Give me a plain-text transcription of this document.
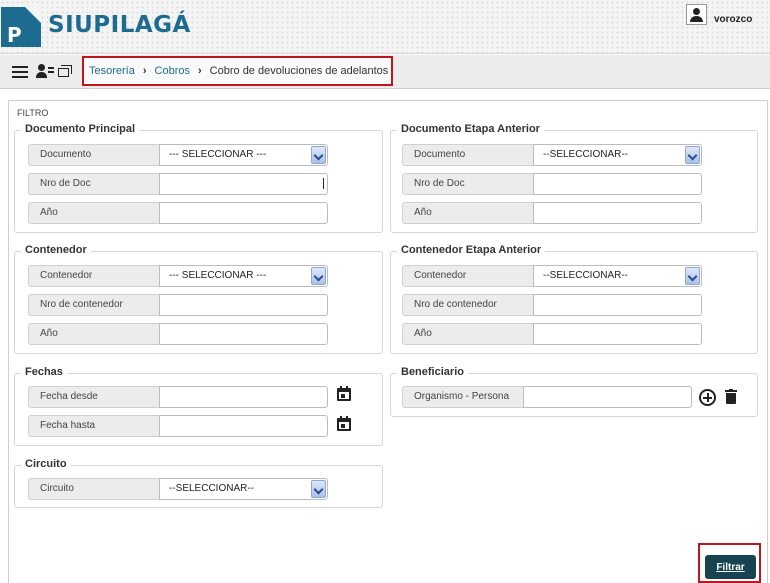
P SIUPILAGÁ	vorozco
Tesorería › Cobros › Cobro de devoluciones de adelantos
FILTRO
Documento Principal
Documento	--- SELECCIONAR ---
Nro de Doc
Año
Documento Etapa Anterior
Documento	--SELECCIONAR--
Nro de Doc
Año
Contenedor
Contenedor	--- SELECCIONAR ---
Nro de contenedor
Año
Contenedor Etapa Anterior
Contenedor	--SELECCIONAR--
Nro de contenedor
Año
Fechas
Fecha desde
Fecha hasta
Beneficiario
Organismo - Persona
Circuito
Circuito	--SELECCIONAR--
Filtrar
